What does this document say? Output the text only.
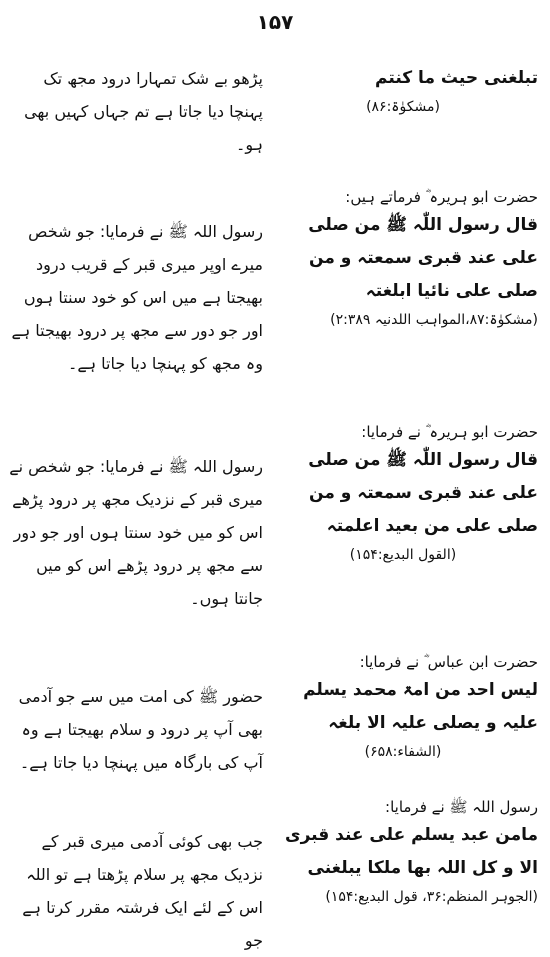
۱۵۷

تبلغنی حیث ما کنتم

(مشکوٰۃ:۸۶)

پڑھو بے شک تمہارا درود مجھ تک پہنچا دیا جاتا ہے تم جہاں کہیں بھی ہو۔

حضرت ابو ہریرہ ؓ فرماتے ہیں:

قال رسول اللّٰہ ﷺ من صلی علی عند قبری سمعتہ و من صلی علی نائیا ابلغتہ

(مشکوٰۃ:۸۷،المواہب اللدنیہ ۲:۳۸۹)

رسول اللہ ﷺ نے فرمایا: جو شخص میرے اوپر میری قبر کے قریب درود بھیجتا ہے میں اس کو خود سنتا ہوں اور جو دور سے مجھ پر درود بھیجتا ہے وہ مجھ کو پہنچا دیا جاتا ہے۔

حضرت ابو ہریرہ ؓ نے فرمایا:

قال رسول اللّٰہ ﷺ من صلی علی عند قبری سمعتہ و من صلی علی من بعید اعلمتہ

(القول البدیع:۱۵۴)

رسول اللہ ﷺ نے فرمایا: جو شخص نے میری قبر کے نزدیک مجھ پر درود پڑھے اس کو میں خود سنتا ہوں اور جو دور سے مجھ پر درود پڑھے اس کو میں جانتا ہوں۔

حضرت ابن عباس ؓ نے فرمایا:

لیس احد من امۃ محمد یسلم علیہ و یصلی علیہ الا بلغہ

(الشفاء:۶۵۸)

حضور ﷺ کی امت میں سے جو آدمی بھی آپ پر درود و سلام بھیجتا ہے وہ آپ کی بارگاہ میں پہنچا دیا جاتا ہے۔

رسول اللہ ﷺ نے فرمایا:

مامن عبد یسلم علی عند قبری الا و کل اللہ بھا ملکا یبلغنی

(الجوہر المنظم:۳۶، قول البدیع:۱۵۴)

جب بھی کوئی آدمی میری قبر کے نزدیک مجھ پر سلام پڑھتا ہے تو اللہ اس کے لئے ایک فرشتہ مقرر کرتا ہے جو
